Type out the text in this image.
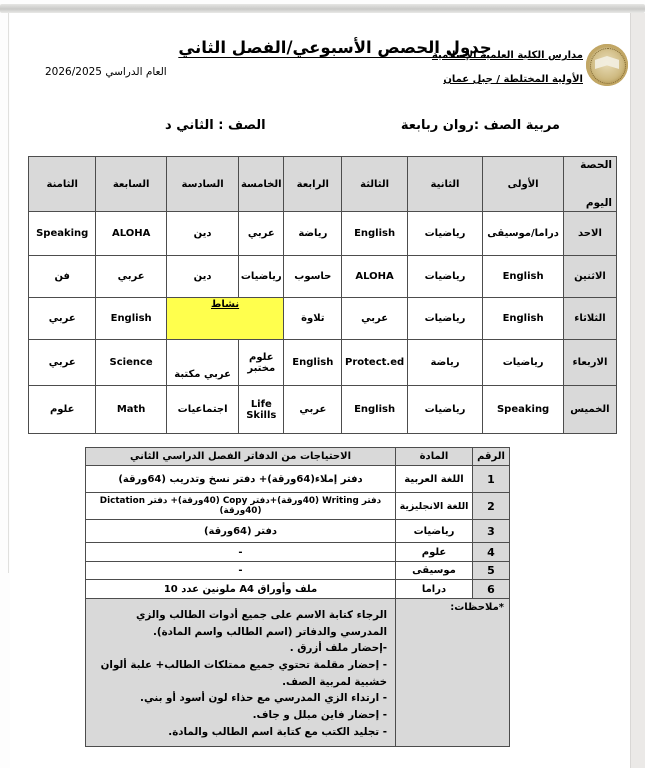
مدارس الكلية العلمية الإسلامية
الأولية المختلطة / جبل عمان
جدول الحصص الأسبوعي/الفصل الثاني
العام الدراسي 2026/2025
مربية الصف :روان ربابعة
الصف : الثاني د
الحصة
اليوم	الأولى	الثانية	الثالثة	الرابعة	الخامسة	السادسة	السابعة	الثامنة
الاحد	دراما/موسيقى	رياضيات	English	رياضة	عربي	دين	ALOHA	Speaking
الاثنين	English	رياضيات	ALOHA	حاسوب	رياضيات	دين	عربي	فن
الثلاثاء	English	رياضيات	عربي	تلاوة	نشاط		English	عربي
الاربعاء	رياضيات	رياضة	Protect.ed	English	علوم مختبر	عربي مكتبة	Science	عربي
الخميس	Speaking	رياضيات	English	عربي	Life Skills	اجتماعيات	Math	علوم
الرقم	المادة	الاحتياجات من الدفاتر الفصل الدراسي الثاني
1	اللغة العربية	دفتر إملاء(64ورقة)+ دفتر نسخ وتدريب (64ورقة)
2	اللغة الانجليزية	دفتر Writing (40ورقة)+دفتر Copy (40ورقة)+ دفتر Dictation (40ورقة)
3	رياضيات	دفتر (64ورقة)
4	علوم	-
5	موسيقى	-
6	دراما	ملف وأوراق A4 ملونين عدد 10
*ملاحظات:	
الرجاء كتابة الاسم على جميع أدوات الطالب والزي المدرسي والدفاتر (اسم الطالب واسم المادة).
-إحضار ملف أزرق .
- إحضار مقلمة تحتوي جميع ممتلكات الطالب+ علبة ألوان خشبية لمربية الصف.
- ارتداء الزي المدرسي مع حذاء لون أسود أو بني.
- إحضار فاين مبلل و جاف.
- تجليد الكتب مع كتابة اسم الطالب والمادة.
